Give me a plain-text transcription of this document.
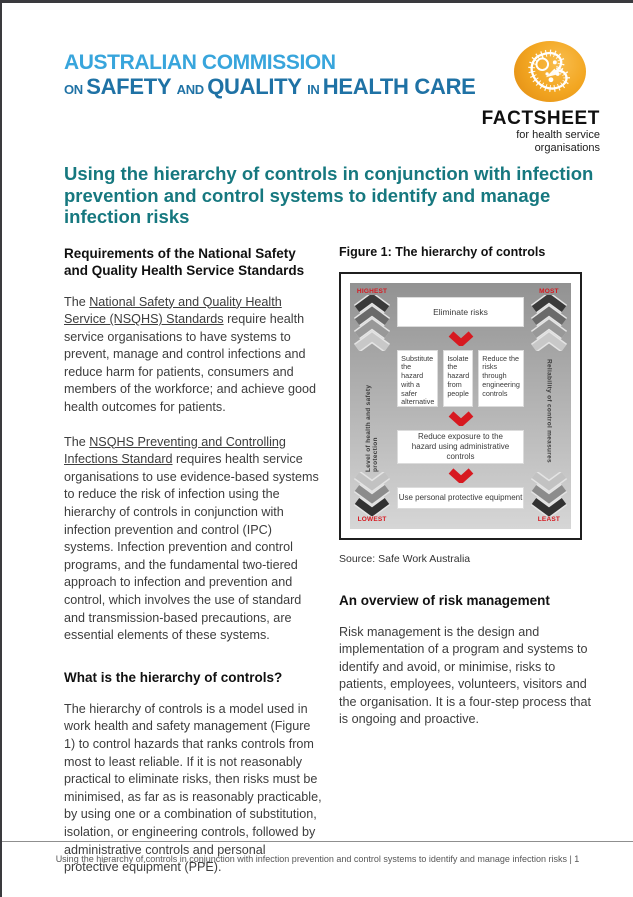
AUSTRALIAN COMMISSION
ON SAFETY AND QUALITY IN HEALTH CARE
FACTSHEET
for health service
organisations
Using the hierarchy of controls in conjunction with infection prevention and control systems to identify and manage infection risks
Requirements of the National Safety and Quality Health Service Standards

The National Safety and Quality Health Service (NSQHS) Standards require health service organisations to have systems to prevent, manage and control infections and reduce harm for patients, consumers and members of the workforce; and achieve good health outcomes for patients.

The NSQHS Preventing and Controlling Infections Standard requires health service organisations to use evidence-based systems to reduce the risk of infection using the hierarchy of controls in conjunction with infection prevention and control (IPC) systems. Infection prevention and control programs, and the fundamental two-tiered approach to infection and prevention and control, which involves the use of standard and transmission-based precautions, are essential elements of these systems.

What is the hierarchy of controls?

The hierarchy of controls is a model used in work health and safety management (Figure 1) to control hazards that ranks controls from most to least reliable. If it is not reasonably practical to eliminate risks, then risks must be minimised, as far as is reasonably practicable, by using one or a combination of substitution, isolation, or engineering controls, followed by administrative controls and personal protective equipment (PPE).

Figure 1: The hierarchy of controls
HIGHEST
Level of health and safety protection
LOWEST
Eliminate risks
Substitute the hazard with a safer alternative
Isolate the hazard from people
Reduce the risks through engineering controls
Reduce exposure to the hazard using administrative controls
Use personal protective equipment
MOST
Reliability of control measures
LEAST
Source: Safe Work Australia
An overview of risk management

Risk management is the design and implementation of a program and systems to identify and avoid, or minimise, risks to patients, employees, volunteers, visitors and the organisation. It is a four-step process that is ongoing and proactive.

Using the hierarchy of controls in conjunction with infection prevention and control systems to identify and manage infection risks | 1
